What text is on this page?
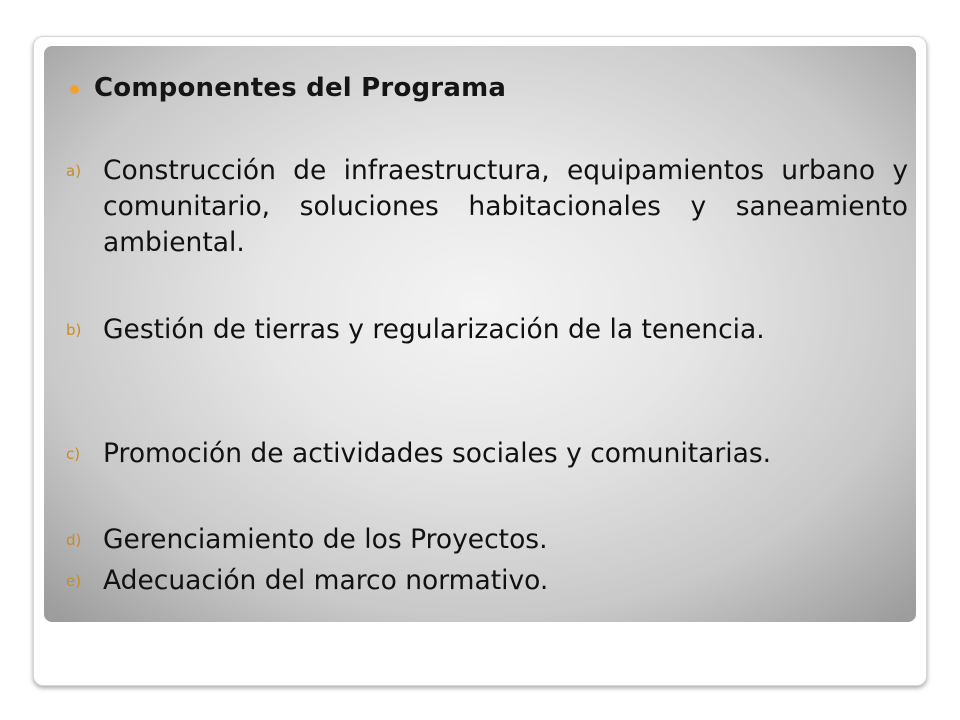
Componentes del Programa
a) Construcción de infraestructura, equipamientos urbano y comunitario, soluciones habitacionales y saneamiento ambiental.
b) Gestión de tierras y regularización de la tenencia.
c) Promoción de actividades sociales y comunitarias.
d) Gerenciamiento de los Proyectos.
e) Adecuación del marco normativo.
